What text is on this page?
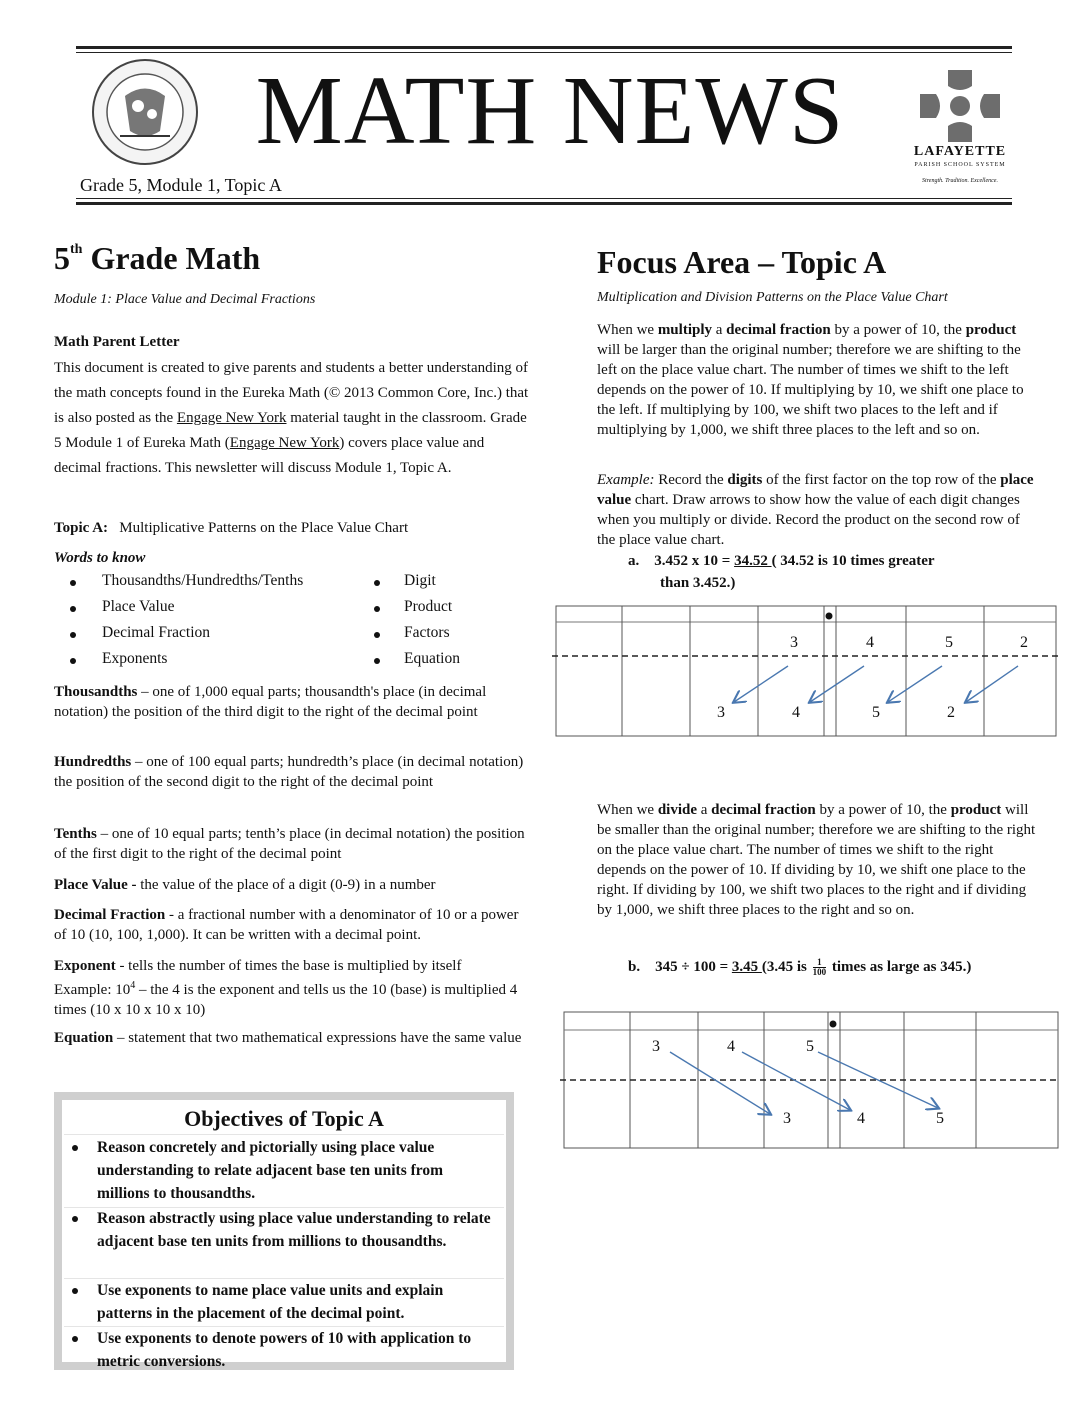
MATH NEWS	LAFAYETTE
PARISH SCHOOL SYSTEM
Strength. Tradition. Excellence.
Grade 5, Module 1, Topic A
5th Grade Math
Module 1: Place Value and Decimal Fractions
Math Parent Letter
This document is created to give parents and students a better understanding of the math concepts found in the Eureka Math (© 2013 Common Core, Inc.) that is also posted as the Engage New York material taught in the classroom. Grade 5 Module 1 of Eureka Math (Engage New York) covers place value and decimal fractions. This newsletter will discuss Module 1, Topic A.
Topic A: Multiplicative Patterns on the Place Value Chart
Words to know
Thousandths/Hundredths/Tenths
Place Value
Decimal Fraction
Exponents
Digit
Product
Factors
Equation
Thousandths – one of 1,000 equal parts; thousandth's place (in decimal notation) the position of the third digit to the right of the decimal point
Hundredths – one of 100 equal parts; hundredth’s place (in decimal notation) the position of the second digit to the right of the decimal point
Tenths – one of 10 equal parts; tenth’s place (in decimal notation) the position of the first digit to the right of the decimal point
Place Value - the value of the place of a digit (0-9) in a number
Decimal Fraction - a fractional number with a denominator of 10 or a power of 10 (10, 100, 1,000). It can be written with a decimal point.
Exponent - tells the number of times the base is multiplied by itself
Example: $10^4$ – the 4 is the exponent and tells us the 10 (base) is multiplied 4 times (10 x 10 x 10 x 10)
Equation – statement that two mathematical expressions have the same value
Objectives of Topic A
Reason concretely and pictorially using place value understanding to relate adjacent base ten units from millions to thousandths.
Reason abstractly using place value understanding to relate adjacent base ten units from millions to thousandths.
Use exponents to name place value units and explain patterns in the placement of the decimal point.
Use exponents to denote powers of 10 with application to metric conversions.
Focus Area – Topic A
Multiplication and Division Patterns on the Place Value Chart
When we multiply a decimal fraction by a power of 10, the product will be larger than the original number; therefore we are shifting to the left on the place value chart. The number of times we shift to the left depends on the power of 10. If multiplying by 10, we shift one place to the left. If multiplying by 100, we shift two places to the left and if multiplying by 1,000, we shift three places to the left and so on.
Example: Record the digits of the first factor on the top row of the place value chart. Draw arrows to show how the value of each digit changes when you multiply or divide. Record the product on the second row of the place value chart.
a. 3.452 x 10 = 34.52 ( 34.52 is 10 times greater
than 3.452.)
3	4	5	2
3	4	5	2
When we divide a decimal fraction by a power of 10, the product will be smaller than the original number; therefore we are shifting to the right on the place value chart. The number of times we shift to the right depends on the power of 10. If dividing by 10, we shift one place to the right. If dividing by 100, we shift two places to the right and if dividing by 1,000, we shift three places to the right and so on.
b. 345 ÷ 100 = 3.45 (3.45 is $\frac{1}{100}$ times as large as 345.)
3	4	5
3	4	5
